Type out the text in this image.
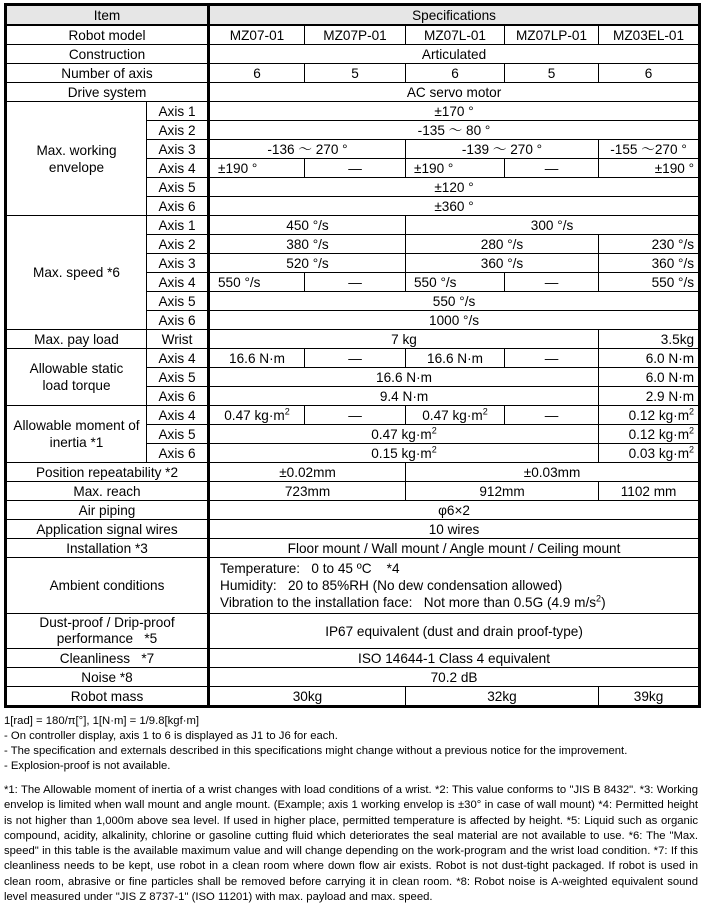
Item		Specifications				
Robot model		MZ07-01	MZ07P-01	MZ07L-01	MZ07LP-01	MZ03EL-01
Construction		Articulated				
Number of axis		6	5	6	5	6
Drive system		AC servo motor				
Max. working envelope	Axis 1	±170 °				
	Axis 2	-135 ～ 80 °				
	Axis 3	-136 ～ 270 °		-139 ～ 270 °		-155 ～270 °
	Axis 4	±190 °	—	±190 °	—	±190 °
	Axis 5	±120 °				
	Axis 6	±360 °				
Max. speed *6	Axis 1	450 °/s		300 °/s		
	Axis 2	380 °/s		280 °/s		230 °/s
	Axis 3	520 °/s		360 °/s		360 °/s
	Axis 4	550 °/s	—	550 °/s	—	550 °/s
	Axis 5	550 °/s				
	Axis 6	1000 °/s				
Max. pay load	Wrist	7 kg				3.5kg
Allowable static load torque	Axis 4	16.6 N·m	—	16.6 N·m	—	6.0 N·m
	Axis 5	16.6 N·m				6.0 N·m
	Axis 6	9.4 N·m				2.9 N·m
Allowable moment of inertia *1	Axis 4	0.47 $kg\cdot m^2$	—	0.47 $kg\cdot m^2$	—	0.12 $kg\cdot m^2$
	Axis 5	0.47 $kg\cdot m^2$				0.12 $kg\cdot m^2$
	Axis 6	0.15 $kg\cdot m^2$				0.03 $kg\cdot m^2$
Position repeatability *2		±0.02mm		±0.03mm		
Max. reach		723mm		912mm		1102 mm
Air piping		φ6×2				
Application signal wires		10 wires				
Installation *3		Floor mount / Wall mount / Angle mount / Ceiling mount				
Ambient conditions		Temperature:   0 to 45 ºC    *4
Humidity:   20 to 85%RH (No dew condensation allowed)
Vibration to the installation face:   Not more than 0.5G (4.9 $m/s^2$)				

Dust-proof / Drip-proof
performance   *5		IP67 equivalent (dust and drain proof-type)				
Cleanliness   *7		ISO 14644-1 Class 4 equivalent				
Noise *8		70.2 dB				
Robot mass		30kg		32kg		39kg
1[rad] = 180/π[°], 1[N·m] = 1/9.8[kgf·m]
- On controller display, axis 1 to 6 is displayed as J1 to J6 for each.
- The specification and externals described in this specifications might change without a previous notice for the improvement.
- Explosion-proof is not available.
*1: The Allowable moment of inertia of a wrist changes with load conditions of a wrist. *2: This value conforms to "JIS B 8432". *3: Working envelop is limited when wall mount and angle mount. (Example; axis 1 working envelop is ±30° in case of wall mount) *4: Permitted height is not higher than 1,000m above sea level. If used in higher place, permitted temperature is affected by height. *5: Liquid such as organic compound, acidity, alkalinity, chlorine or gasoline cutting fluid which deteriorates the seal material are not available to use. *6: The "Max. speed" in this table is the available maximum value and will change depending on the work-program and the wrist load condition. *7: If this cleanliness needs to be kept, use robot in a clean room where down flow air exists. Robot is not dust-tight packaged. If robot is used in clean room, abrasive or fine particles shall be removed before carrying it in clean room. *8: Robot noise is A-weighted equivalent sound level measured under "JIS Z 8737-1" (ISO 11201) with max. payload and max. speed.
